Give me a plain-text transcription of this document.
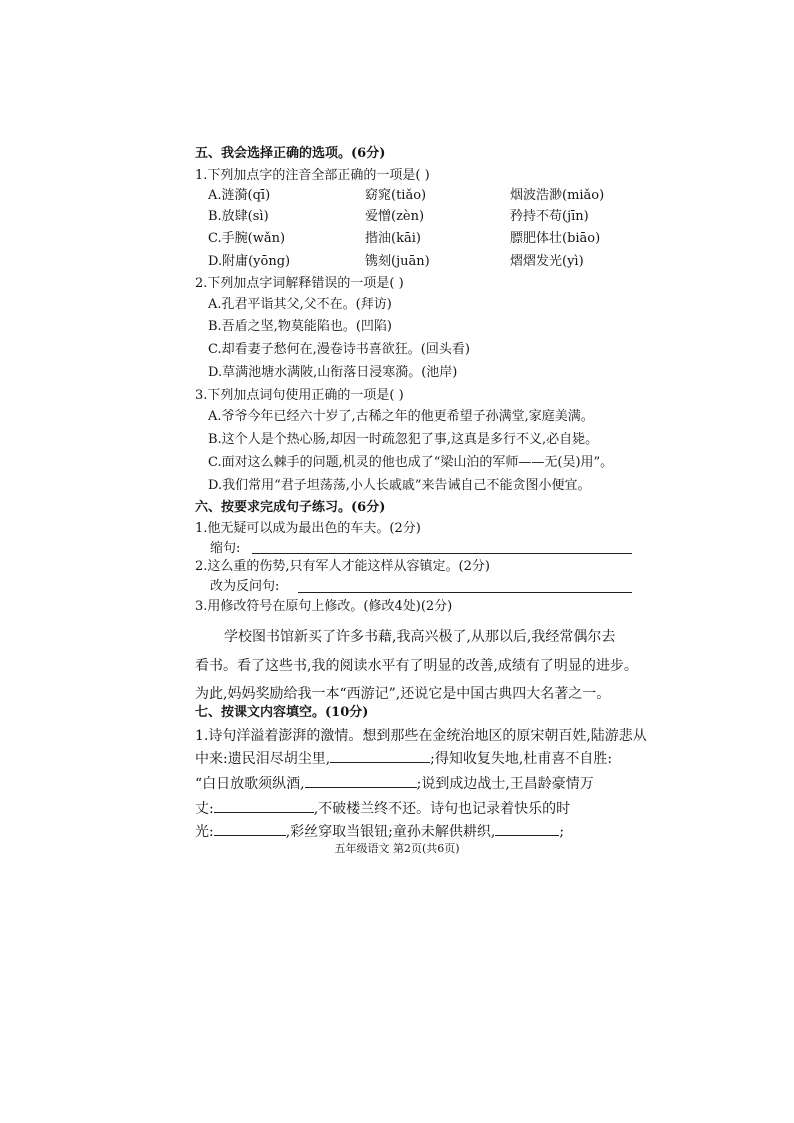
五、我会选择正确的选项。(6分)
1.下列加点字的注音全部正确的一项是( )
A.涟漪(qī)	窈窕(tiǎo)	烟波浩渺(miǎo)
B.放肆(sì)	爱憎(zèn)	矜持不苟(jīn)
C.手腕(wǎn)	揩油(kāi)	膘肥体壮(biāo)
D.附庸(yōng)	镌刻(juān)	熠熠发光(yì)
2.下列加点字词解释错误的一项是( )
A.孔君平诣其父,父不在。(拜访)
B.吾盾之坚,物莫能陷也。(凹陷)
C.却看妻子愁何在,漫卷诗书喜欲狂。(回头看)
D.草满池塘水满陂,山衔落日浸寒漪。(池岸)
3.下列加点词句使用正确的一项是( )
A.爷爷今年已经六十岁了,古稀之年的他更希望子孙满堂,家庭美满。
B.这个人是个热心肠,却因一时疏忽犯了事,这真是多行不义,必自毙。
C.面对这么棘手的问题,机灵的他也成了“梁山泊的军师——无(吴)用”。
D.我们常用“君子坦荡荡,小人长戚戚”来告诫自己不能贪图小便宜。
六、按要求完成句子练习。(6分)
1.他无疑可以成为最出色的车夫。(2分)
缩句:
2.这么重的伤势,只有军人才能这样从容镇定。(2分)
改为反问句:
3.用修改符号在原句上修改。(修改4处)(2分)
学校图书馆新买了许多书藉,我高兴极了,从那以后,我经常偶尔去
看书。看了这些书,我的阅读水平有了明显的改善,成绩有了明显的进步。
为此,妈妈奖励给我一本“西游记”,还说它是中国古典四大名著之一。
七、按课文内容填空。(10分)
1.诗句洋溢着澎湃的激情。想到那些在金统治地区的原宋朝百姓,陆游悲从
中来:遗民泪尽胡尘里,	;得知收复失地,杜甫喜不自胜:
“白日放歌须纵酒,	;说到成边战士,王昌龄豪情万
丈:	,不破楼兰终不还。诗句也记录着快乐的时
光:	,彩丝穿取当银钮;童孙未解供耕织,	;
五年级语文 第2页(共6页)
